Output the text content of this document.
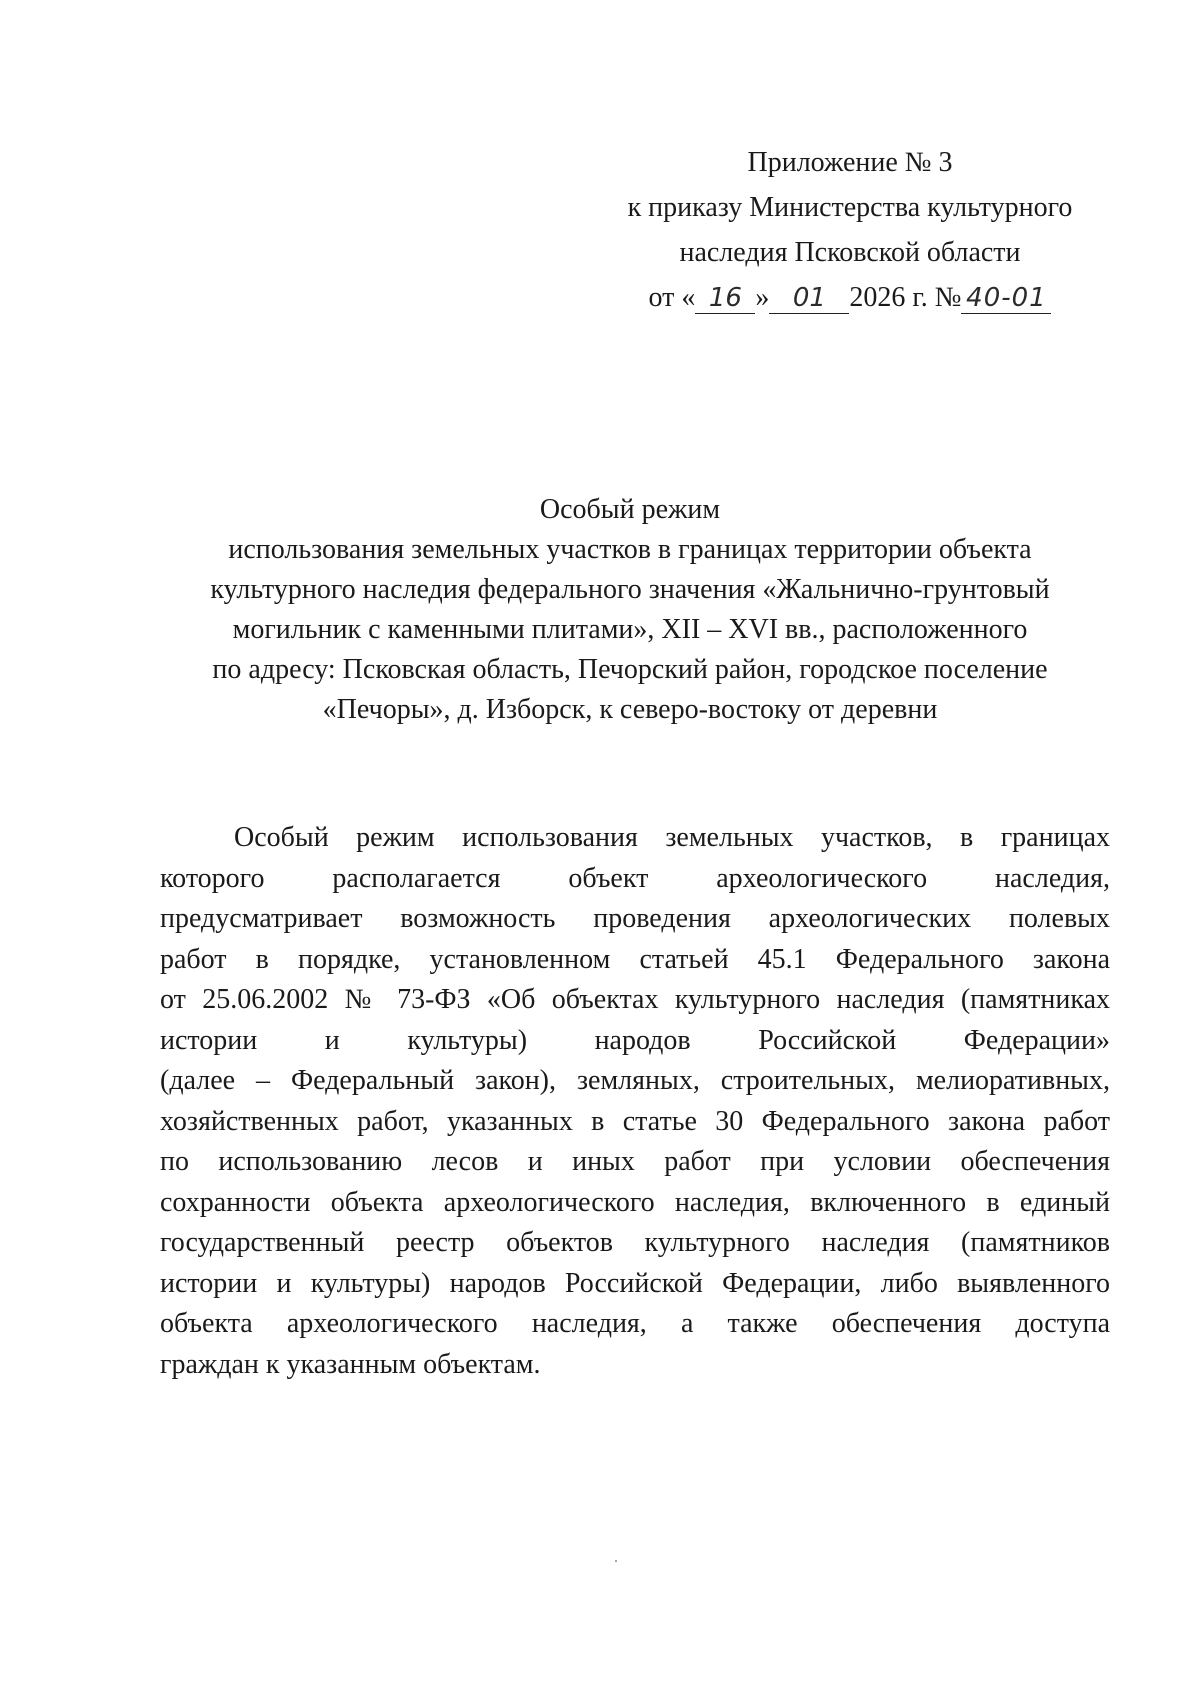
Приложение № 3
к приказу Министерства культурного
наследия Псковской области
от « 16 » 01 2026 г. № 40-01
Особый режим
использования земельных участков в границах территории объекта
культурного наследия федерального значения «Жальнично-грунтовый
могильник с каменными плитами», XII – XVI вв., расположенного
по адресу: Псковская область, Печорский район, городское поселение
«Печоры», д. Изборск, к северо-востоку от деревни
Особый режим использования земельных участков, в границах
которого располагается объект археологического наследия,
предусматривает возможность проведения археологических полевых
работ в порядке, установленном статьей 45.1 Федерального закона
от 25.06.2002 № 73-ФЗ «Об объектах культурного наследия (памятниках
истории и культуры) народов Российской Федерации»
(далее – Федеральный закон), земляных, строительных, мелиоративных,
хозяйственных работ, указанных в статье 30 Федерального закона работ
по использованию лесов и иных работ при условии обеспечения
сохранности объекта археологического наследия, включенного в единый
государственный реестр объектов культурного наследия (памятников
истории и культуры) народов Российской Федерации, либо выявленного
объекта археологического наследия, а также обеспечения доступа
граждан к указанным объектам.
